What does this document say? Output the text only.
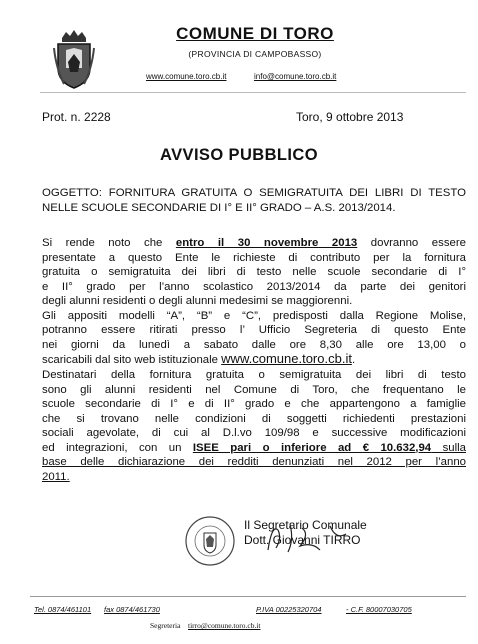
COMUNE DI TORO
(PROVINCIA DI CAMPOBASSO)
www.comune.toro.cb.it	info@comune.toro.cb.it
Prot. n. 2228	Toro, 9 ottobre 2013
AVVISO PUBBLICO
OGGETTO: FORNITURA GRATUITA O SEMIGRATUITA DEI LIBRI DI TESTO NELLE SCUOLE SECONDARIE DI I° E II° GRADO – A.S. 2013/2014.
Si rende noto che entro il 30 novembre 2013 dovranno essere
presentate a questo Ente le richieste di contributo per la fornitura
gratuita o semigratuita dei libri di testo nelle scuole secondarie di I°
e II° grado per l’anno scolastico 2013/2014 da parte dei genitori
degli alunni residenti o degli alunni medesimi se maggiorenni.
Gli appositi modelli “A”, “B” e “C”, predisposti dalla Regione Molise,
potranno essere ritirati presso l’ Ufficio Segreteria di questo Ente
nei giorni da lunedì a sabato dalle ore 8,30 alle ore 13,00 o
scaricabili dal sito web istituzionale www.comune.toro.cb.it.
Destinatari della fornitura gratuita o semigratuita dei libri di testo
sono gli alunni residenti nel Comune di Toro, che frequentano le
scuole secondarie di I° e di II° grado e che appartengono a famiglie
che si trovano nelle condizioni di soggetti richiedenti prestazioni
sociali agevolate, di cui al D.l.vo 109/98 e successive modificazioni
ed integrazioni, con un ISEE pari o inferiore ad € 10.632,94 sulla
base delle dichiarazione dei redditi denunziati nel 2012 per l’anno
2011.
Il Segretario Comunale
Dott. Giovanni TIRRO
Tel. 0874/461101 fax 0874/461730	P.IVA 00225320704	- C.F. 80007030705
Segreteria tirro@comune.toro.cb.it
